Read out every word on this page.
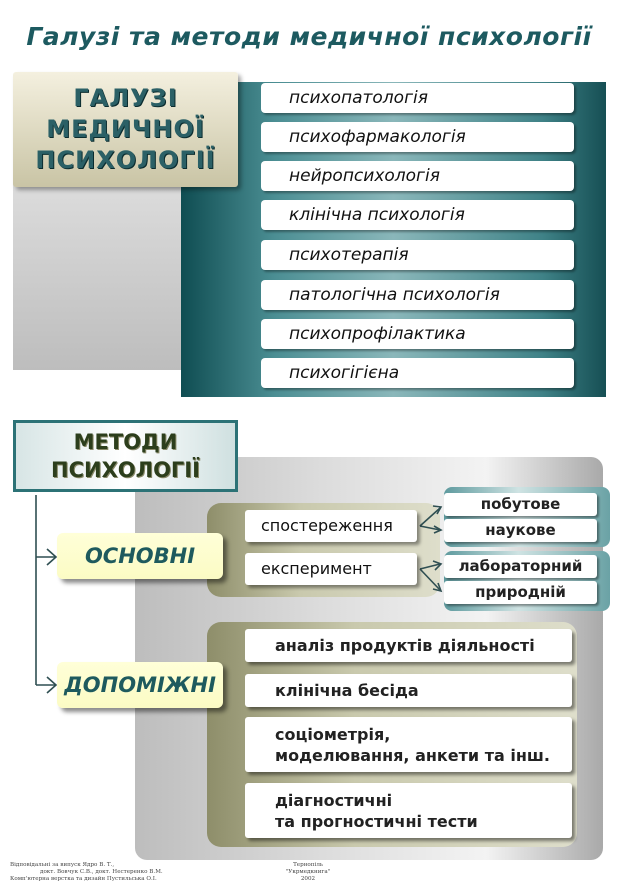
Галузі та методи медичної психології
ГАЛУЗІ
МЕДИЧНОЇ
ПСИХОЛОГІЇ
психопатологія
психофармакологія
нейропсихологія
клінічна психологія
психотерапія
патологічна психологія
психопрофілактика
психогігієна
МЕТОДИ
ПСИХОЛОГІЇ
ОСНОВНІ
ДОПОМІЖНІ
спостереження
експеримент
побутове
наукове
лабораторний
природній
аналіз продуктів діяльності
клінічна бесіда
соціометрія,
моделювання, анкети та інш.
діагностичні
та прогностичні тести
Відповідальні за випуск Ядро В. Т.,
докт. Вовчук С.В., докт. Нестеренко В.М.
Комп'ютерна верстка та дизайн Пустильська О.І.
Тернопіль
"Укрмедкнига"
2002
